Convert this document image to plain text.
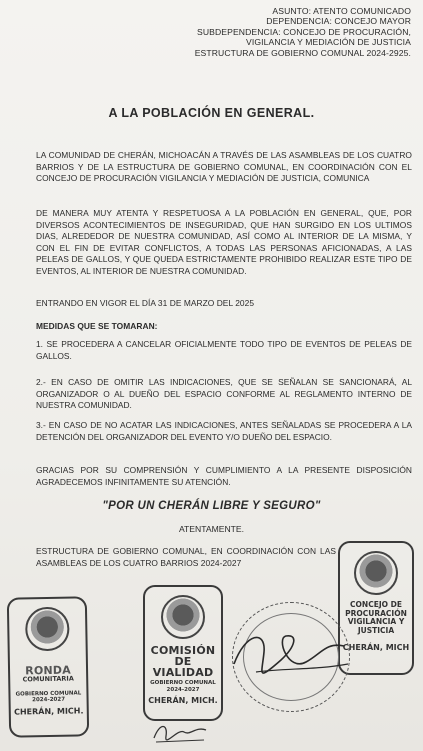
ASUNTO: ATENTO COMUNICADO
DEPENDENCIA: CONCEJO MAYOR
SUBDEPENDENCIA: CONCEJO DE PROCURACIÓN,
VIGILANCIA Y MEDIACIÓN DE JUSTICIA
ESTRUCTURA DE GOBIERNO COMUNAL 2024-2925.
A LA POBLACIÓN EN GENERAL.
LA COMUNIDAD DE CHERÁN, MICHOACÁN A TRAVÉS DE LAS ASAMBLEAS DE LOS CUATRO BARRIOS Y DE LA ESTRUCTURA DE GOBIERNO COMUNAL, EN COORDINACIÓN CON EL CONCEJO DE PROCURACIÓN VIGILANCIA Y MEDIACIÓN DE JUSTICIA, COMUNICA
DE MANERA MUY ATENTA Y RESPETUOSA A LA POBLACIÓN EN GENERAL, QUE, POR DIVERSOS ACONTECIMIENTOS DE INSEGURIDAD, QUE HAN SURGIDO EN LOS ULTIMOS DIAS, ALREDEDOR DE NUESTRA COMUNIDAD, ASÍ COMO AL INTERIOR DE LA MISMA, Y CON EL FIN DE EVITAR CONFLICTOS, A TODAS LAS PERSONAS AFICIONADAS, A LAS PELEAS DE GALLOS, Y QUE QUEDA ESTRICTAMENTE PROHIBIDO REALIZAR ESTE TIPO DE EVENTOS, AL INTERIOR DE NUESTRA COMUNIDAD.
ENTRANDO EN VIGOR EL DÍA 31 DE MARZO DEL 2025
MEDIDAS QUE SE TOMARAN:
1. SE PROCEDERA A CANCELAR OFICIALMENTE TODO TIPO DE EVENTOS DE PELEAS DE GALLOS.
2.- EN CASO DE OMITIR LAS INDICACIONES, QUE SE SEÑALAN SE SANCIONARÁ, AL ORGANIZADOR O AL DUEÑO DEL ESPACIO CONFORME AL REGLAMENTO INTERNO DE NUESTRA COMUNIDAD.
3.- EN CASO DE NO ACATAR LAS INDICACIONES, ANTES SEÑALADAS SE PROCEDERA A LA DETENCIÓN DEL ORGANIZADOR DEL EVENTO Y/O DUEÑO DEL ESPACIO.
GRACIAS POR SU COMPRENSIÓN Y CUMPLIMIENTO A LA PRESENTE DISPOSICIÓN AGRADECEMOS INFINITAMENTE SU ATENCIÓN.
"POR UN CHERÁN LIBRE Y SEGURO"
ATENTAMENTE.
ESTRUCTURA DE GOBIERNO COMUNAL, EN COORDINACIÓN CON LAS ASAMBLEAS DE LOS CUATRO BARRIOS 2024-2027
RONDA
COMUNITARIA
GOBIERNO COMUNAL
2024-2027
CHERÁN, MICH.
COMISIÓN
DE
VIALIDAD
GOBIERNO COMUNAL
2024-2027
CHERÁN, MICH.
CONCEJO DE
PROCURACIÓN
VIGILANCIA Y
JUSTICIA
CHERÁN, MICH
